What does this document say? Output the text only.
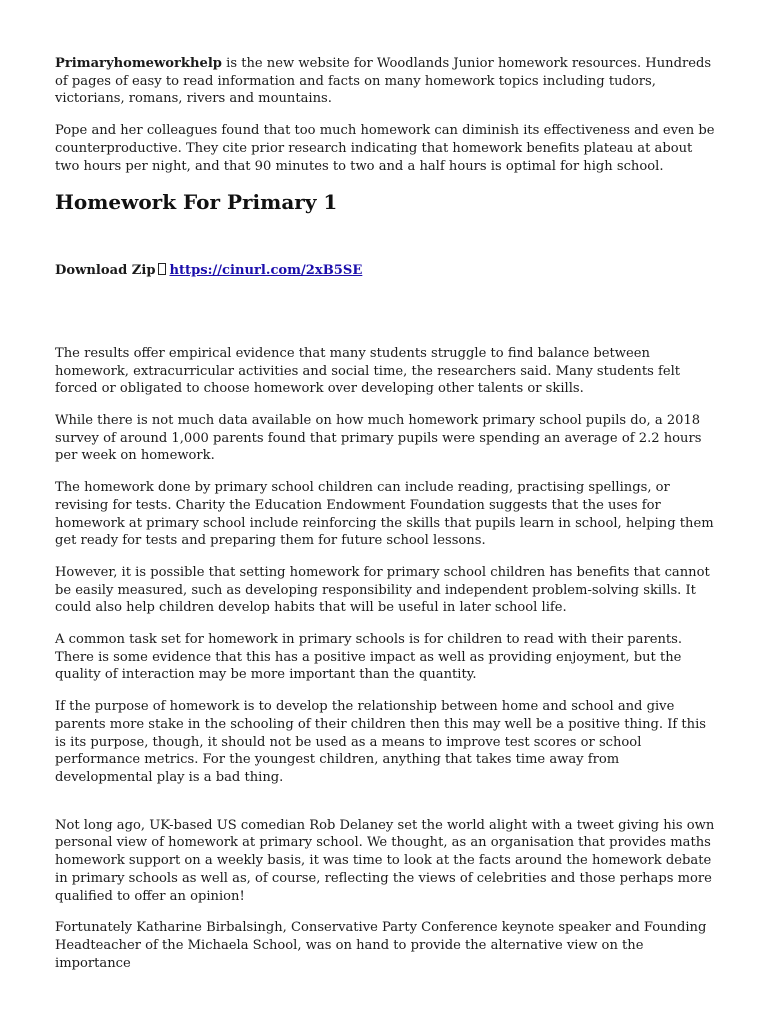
Primaryhomeworkhelp is the new website for Woodlands Junior homework resources. Hundreds of pages of easy to read information and facts on many homework topics including tudors, victorians, romans, rivers and mountains.

Pope and her colleagues found that too much homework can diminish its effectiveness and even be counterproductive. They cite prior research indicating that homework benefits plateau at about two hours per night, and that 90 minutes to two and a half hours is optimal for high school.

Homework For Primary 1
Download Zip https://cinurl.com/2xB5SE

The results offer empirical evidence that many students struggle to find balance between homework, extracurricular activities and social time, the researchers said. Many students felt forced or obligated to choose homework over developing other talents or skills.

While there is not much data available on how much homework primary school pupils do, a 2018 survey of around 1,000 parents found that primary pupils were spending an average of 2.2 hours per week on homework.

The homework done by primary school children can include reading, practising spellings, or revising for tests. Charity the Education Endowment Foundation suggests that the uses for homework at primary school include reinforcing the skills that pupils learn in school, helping them get ready for tests and preparing them for future school lessons.

However, it is possible that setting homework for primary school children has benefits that cannot be easily measured, such as developing responsibility and independent problem-solving skills. It could also help children develop habits that will be useful in later school life.

A common task set for homework in primary schools is for children to read with their parents. There is some evidence that this has a positive impact as well as providing enjoyment, but the quality of interaction may be more important than the quantity.

If the purpose of homework is to develop the relationship between home and school and give parents more stake in the schooling of their children then this may well be a positive thing. If this is its purpose, though, it should not be used as a means to improve test scores or school performance metrics. For the youngest children, anything that takes time away from developmental play is a bad thing.

Not long ago, UK-based US comedian Rob Delaney set the world alight with a tweet giving his own personal view of homework at primary school. We thought, as an organisation that provides maths homework support on a weekly basis, it was time to look at the facts around the homework debate in primary schools as well as, of course, reflecting the views of celebrities and those perhaps more qualified to offer an opinion!

Fortunately Katharine Birbalsingh, Conservative Party Conference keynote speaker and Founding Headteacher of the Michaela School, was on hand to provide the alternative view on the importance
